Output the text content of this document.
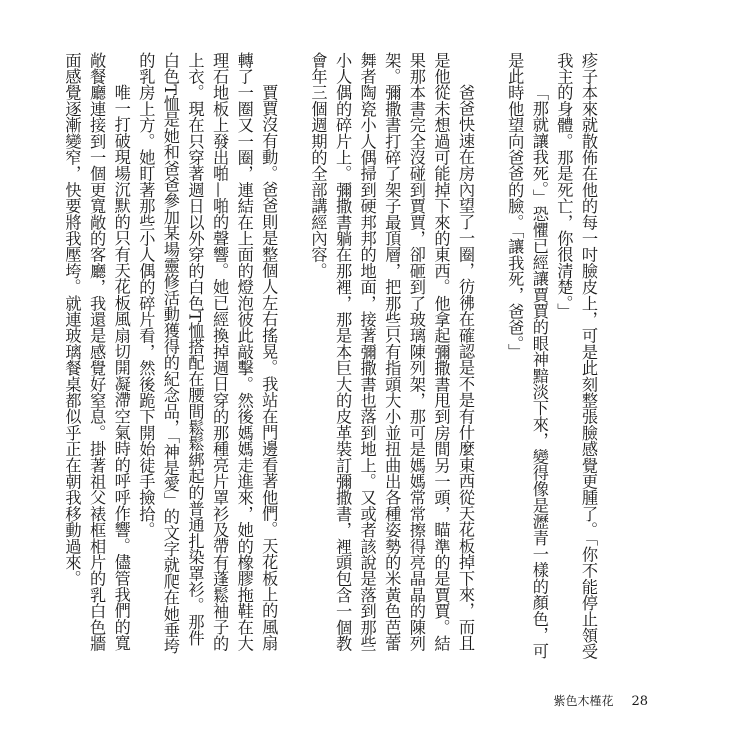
疹子本來就散佈在他的每一吋臉皮上，可是此刻整張臉感覺更腫了。「你不能停止領受我主的身體。那是死亡，你很清楚。」

「那就讓我死。」恐懼已經讓賈賈的眼神黯淡下來，變得像是瀝青一樣的顏色，可是此時他望向爸爸的臉。「讓我死，爸爸。」

爸爸快速在房內望了一圈，彷彿在確認是不是有什麼東西從天花板掉下來，而且是他從未想過可能掉下來的東西。他拿起彌撒書甩到房間另一頭，瞄準的是賈賈。結果那本書完全沒碰到賈賈，卻砸到了玻璃陳列架，那可是媽媽常常擦得亮晶晶的陳列架。彌撒書打碎了架子最頂層，把那些只有指頭大小並扭曲出各種姿勢的米黃色芭蕾舞者陶瓷小人偶掃到硬邦邦的地面，接著彌撒書也落到地上。又或者該說是落到那些小人偶的碎片上。彌撒書躺在那裡，那是本巨大的皮革裝訂彌撒書，裡頭包含一個教會年三個週期的全部講經內容。

賈賈沒有動。爸爸則是整個人左右搖晃。我站在門邊看著他們。天花板上的風扇轉了一圈又一圈，連結在上面的燈泡彼此敲擊。然後媽媽走進來，她的橡膠拖鞋在大理石地板上發出啪—啪的聲響。她已經換掉週日穿的那種亮片罩衫及帶有蓬鬆袖子的上衣。現在只穿著週日以外穿的白色T恤搭配在腰間鬆鬆綁起的普通扎染罩衫。那件白色T恤是她和爸爸參加某場靈修活動獲得的紀念品，「神是愛」的文字就爬在她垂垮的乳房上方。她盯著那些小人偶的碎片看，然後跪下開始徒手撿拾。

唯一打破現場沉默的只有天花板風扇切開凝滯空氣時的呼呼作響。儘管我們的寬敞餐廳連接到一個更寬敞的客廳，我還是感覺好窒息。掛著祖父裱框相片的乳白色牆面感覺逐漸變窄，快要將我壓垮。就連玻璃餐桌都似乎正在朝我移動過來。

紫色木槿花 28
